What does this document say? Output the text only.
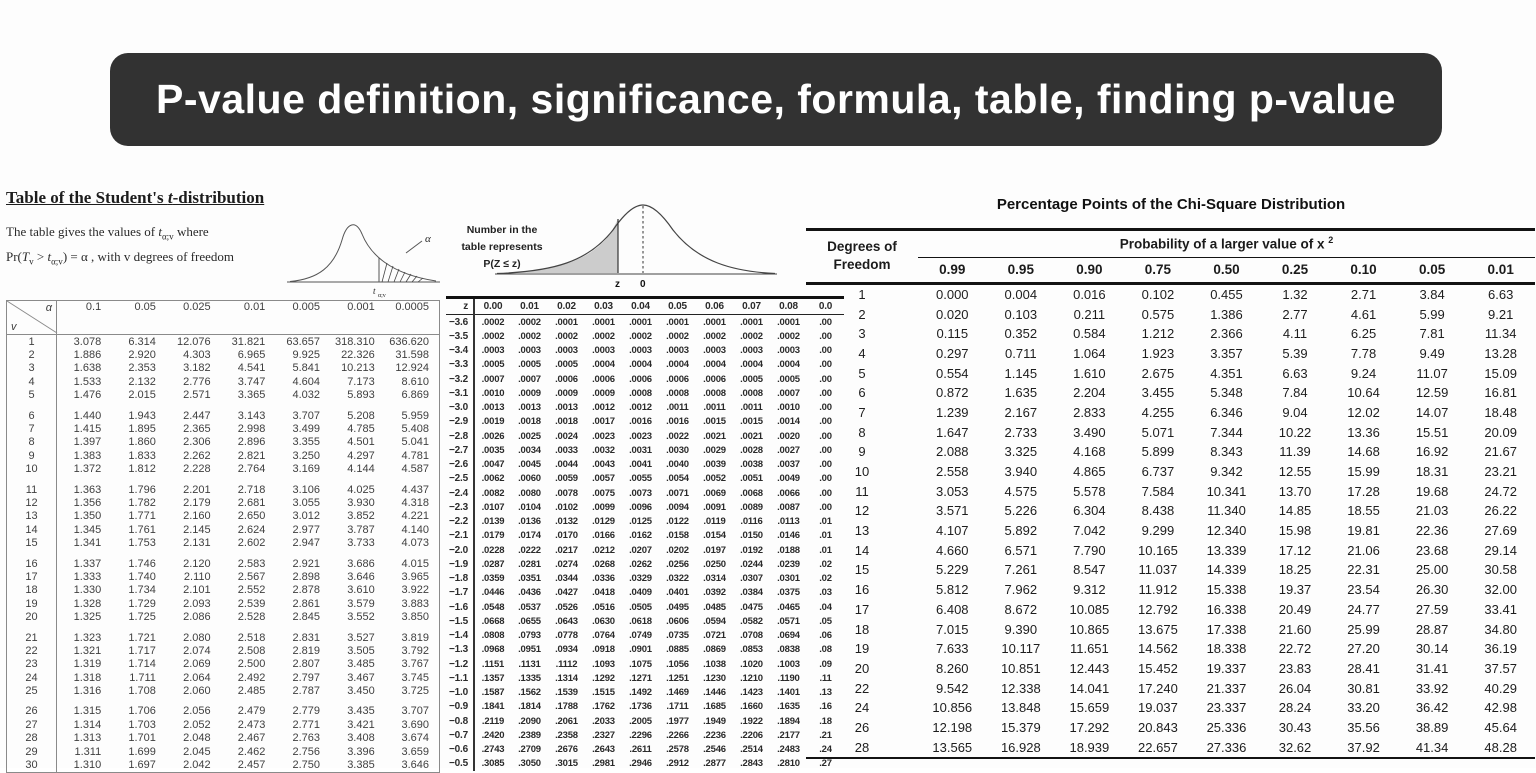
P-value definition, significance, formula, table, finding p-value
Table of the Student's t-distribution

The table gives the values of $t_{\alpha;v}$ where
$Pr(T_v > t_{\alpha;v}) = \alpha$ , with v degrees of freedom

α
t α;v
α
v	0.1	0.05	0.025	0.01	0.005	0.001	0.0005
1	3.078	6.314	12.076	31.821	63.657	318.310	636.620
2	1.886	2.920	4.303	6.965	9.925	22.326	31.598
3	1.638	2.353	3.182	4.541	5.841	10.213	12.924
4	1.533	2.132	2.776	3.747	4.604	7.173	8.610
5	1.476	2.015	2.571	3.365	4.032	5.893	6.869
6	1.440	1.943	2.447	3.143	3.707	5.208	5.959
7	1.415	1.895	2.365	2.998	3.499	4.785	5.408
8	1.397	1.860	2.306	2.896	3.355	4.501	5.041
9	1.383	1.833	2.262	2.821	3.250	4.297	4.781
10	1.372	1.812	2.228	2.764	3.169	4.144	4.587
11	1.363	1.796	2.201	2.718	3.106	4.025	4.437
12	1.356	1.782	2.179	2.681	3.055	3.930	4.318
13	1.350	1.771	2.160	2.650	3.012	3.852	4.221
14	1.345	1.761	2.145	2.624	2.977	3.787	4.140
15	1.341	1.753	2.131	2.602	2.947	3.733	4.073
16	1.337	1.746	2.120	2.583	2.921	3.686	4.015
17	1.333	1.740	2.110	2.567	2.898	3.646	3.965
18	1.330	1.734	2.101	2.552	2.878	3.610	3.922
19	1.328	1.729	2.093	2.539	2.861	3.579	3.883
20	1.325	1.725	2.086	2.528	2.845	3.552	3.850
21	1.323	1.721	2.080	2.518	2.831	3.527	3.819
22	1.321	1.717	2.074	2.508	2.819	3.505	3.792
23	1.319	1.714	2.069	2.500	2.807	3.485	3.767
24	1.318	1.711	2.064	2.492	2.797	3.467	3.745
25	1.316	1.708	2.060	2.485	2.787	3.450	3.725
26	1.315	1.706	2.056	2.479	2.779	3.435	3.707
27	1.314	1.703	2.052	2.473	2.771	3.421	3.690
28	1.313	1.701	2.048	2.467	2.763	3.408	3.674
29	1.311	1.699	2.045	2.462	2.756	3.396	3.659
30	1.310	1.697	2.042	2.457	2.750	3.385	3.646
Number in the
table represents
P(Z ≤ z)
z 0
z	0.00	0.01	0.02	0.03	0.04	0.05	0.06	0.07	0.08	0.0
−3.6	.0002	.0002	.0001	.0001	.0001	.0001	.0001	.0001	.0001	.00
−3.5	.0002	.0002	.0002	.0002	.0002	.0002	.0002	.0002	.0002	.00
−3.4	.0003	.0003	.0003	.0003	.0003	.0003	.0003	.0003	.0003	.00
−3.3	.0005	.0005	.0005	.0004	.0004	.0004	.0004	.0004	.0004	.00
−3.2	.0007	.0007	.0006	.0006	.0006	.0006	.0006	.0005	.0005	.00
−3.1	.0010	.0009	.0009	.0009	.0008	.0008	.0008	.0008	.0007	.00
−3.0	.0013	.0013	.0013	.0012	.0012	.0011	.0011	.0011	.0010	.00
−2.9	.0019	.0018	.0018	.0017	.0016	.0016	.0015	.0015	.0014	.00
−2.8	.0026	.0025	.0024	.0023	.0023	.0022	.0021	.0021	.0020	.00
−2.7	.0035	.0034	.0033	.0032	.0031	.0030	.0029	.0028	.0027	.00
−2.6	.0047	.0045	.0044	.0043	.0041	.0040	.0039	.0038	.0037	.00
−2.5	.0062	.0060	.0059	.0057	.0055	.0054	.0052	.0051	.0049	.00
−2.4	.0082	.0080	.0078	.0075	.0073	.0071	.0069	.0068	.0066	.00
−2.3	.0107	.0104	.0102	.0099	.0096	.0094	.0091	.0089	.0087	.00
−2.2	.0139	.0136	.0132	.0129	.0125	.0122	.0119	.0116	.0113	.01
−2.1	.0179	.0174	.0170	.0166	.0162	.0158	.0154	.0150	.0146	.01
−2.0	.0228	.0222	.0217	.0212	.0207	.0202	.0197	.0192	.0188	.01
−1.9	.0287	.0281	.0274	.0268	.0262	.0256	.0250	.0244	.0239	.02
−1.8	.0359	.0351	.0344	.0336	.0329	.0322	.0314	.0307	.0301	.02
−1.7	.0446	.0436	.0427	.0418	.0409	.0401	.0392	.0384	.0375	.03
−1.6	.0548	.0537	.0526	.0516	.0505	.0495	.0485	.0475	.0465	.04
−1.5	.0668	.0655	.0643	.0630	.0618	.0606	.0594	.0582	.0571	.05
−1.4	.0808	.0793	.0778	.0764	.0749	.0735	.0721	.0708	.0694	.06
−1.3	.0968	.0951	.0934	.0918	.0901	.0885	.0869	.0853	.0838	.08
−1.2	.1151	.1131	.1112	.1093	.1075	.1056	.1038	.1020	.1003	.09
−1.1	.1357	.1335	.1314	.1292	.1271	.1251	.1230	.1210	.1190	.11
−1.0	.1587	.1562	.1539	.1515	.1492	.1469	.1446	.1423	.1401	.13
−0.9	.1841	.1814	.1788	.1762	.1736	.1711	.1685	.1660	.1635	.16
−0.8	.2119	.2090	.2061	.2033	.2005	.1977	.1949	.1922	.1894	.18
−0.7	.2420	.2389	.2358	.2327	.2296	.2266	.2236	.2206	.2177	.21
−0.6	.2743	.2709	.2676	.2643	.2611	.2578	.2546	.2514	.2483	.24
−0.5	.3085	.3050	.3015	.2981	.2946	.2912	.2877	.2843	.2810	.27
Percentage Points of the Chi-Square Distribution
Degrees of
Freedom	Probability of a larger value of x $^2$
	0.99	0.95	0.90	0.75	0.50	0.25	0.10	0.05	0.01
1	0.000	0.004	0.016	0.102	0.455	1.32	2.71	3.84	6.63
2	0.020	0.103	0.211	0.575	1.386	2.77	4.61	5.99	9.21
3	0.115	0.352	0.584	1.212	2.366	4.11	6.25	7.81	11.34
4	0.297	0.711	1.064	1.923	3.357	5.39	7.78	9.49	13.28
5	0.554	1.145	1.610	2.675	4.351	6.63	9.24	11.07	15.09
6	0.872	1.635	2.204	3.455	5.348	7.84	10.64	12.59	16.81
7	1.239	2.167	2.833	4.255	6.346	9.04	12.02	14.07	18.48
8	1.647	2.733	3.490	5.071	7.344	10.22	13.36	15.51	20.09
9	2.088	3.325	4.168	5.899	8.343	11.39	14.68	16.92	21.67
10	2.558	3.940	4.865	6.737	9.342	12.55	15.99	18.31	23.21
11	3.053	4.575	5.578	7.584	10.341	13.70	17.28	19.68	24.72
12	3.571	5.226	6.304	8.438	11.340	14.85	18.55	21.03	26.22
13	4.107	5.892	7.042	9.299	12.340	15.98	19.81	22.36	27.69
14	4.660	6.571	7.790	10.165	13.339	17.12	21.06	23.68	29.14
15	5.229	7.261	8.547	11.037	14.339	18.25	22.31	25.00	30.58
16	5.812	7.962	9.312	11.912	15.338	19.37	23.54	26.30	32.00
17	6.408	8.672	10.085	12.792	16.338	20.49	24.77	27.59	33.41
18	7.015	9.390	10.865	13.675	17.338	21.60	25.99	28.87	34.80
19	7.633	10.117	11.651	14.562	18.338	22.72	27.20	30.14	36.19
20	8.260	10.851	12.443	15.452	19.337	23.83	28.41	31.41	37.57
22	9.542	12.338	14.041	17.240	21.337	26.04	30.81	33.92	40.29
24	10.856	13.848	15.659	19.037	23.337	28.24	33.20	36.42	42.98
26	12.198	15.379	17.292	20.843	25.336	30.43	35.56	38.89	45.64
28	13.565	16.928	18.939	22.657	27.336	32.62	37.92	41.34	48.28
